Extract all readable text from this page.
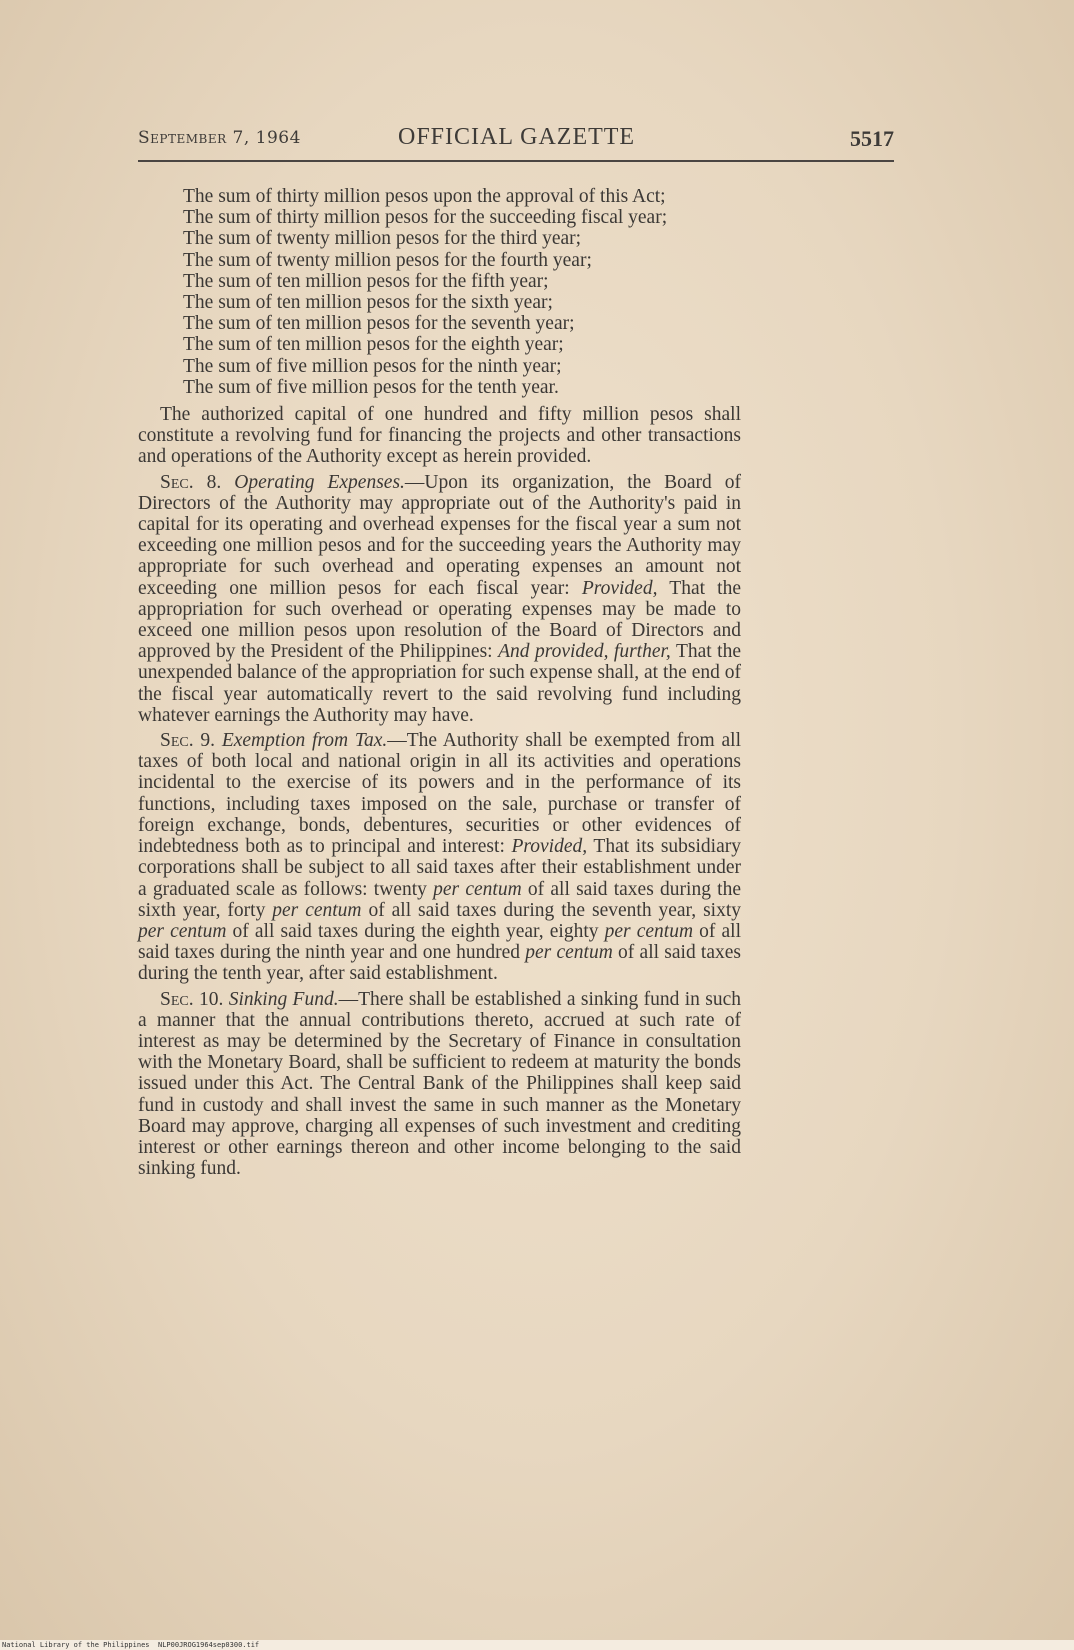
September 7, 1964	OFFICIAL GAZETTE	5517
The sum of thirty million pesos upon the approval of this Act;
The sum of thirty million pesos for the succeeding fiscal year;
The sum of twenty million pesos for the third year;
The sum of twenty million pesos for the fourth year;
The sum of ten million pesos for the fifth year;
The sum of ten million pesos for the sixth year;
The sum of ten million pesos for the seventh year;
The sum of ten million pesos for the eighth year;
The sum of five million pesos for the ninth year;
The sum of five million pesos for the tenth year.

The authorized capital of one hundred and fifty million pesos shall constitute a revolving fund for financing the projects and other transactions and operations of the Authority except as herein provided.

Sec. 8. Operating Expenses.—Upon its organization, the Board of Directors of the Authority may appropriate out of the Authority's paid in capital for its operating and overhead expenses for the fiscal year a sum not exceeding one million pesos and for the succeeding years the Authority may appropriate for such overhead and operating expenses an amount not exceeding one million pesos for each fiscal year: Provided, That the appropriation for such overhead or operating expenses may be made to exceed one million pesos upon resolution of the Board of Directors and approved by the President of the Philippines: And provided, further, That the unexpended balance of the appropriation for such expense shall, at the end of the fiscal year automatically revert to the said revolving fund including whatever earnings the Authority may have.

Sec. 9. Exemption from Tax.—The Authority shall be exempted from all taxes of both local and national origin in all its activities and operations incidental to the exercise of its powers and in the performance of its functions, including taxes imposed on the sale, purchase or transfer of foreign exchange, bonds, debentures, securities or other evidences of indebtedness both as to principal and interest: Provided, That its subsidiary corporations shall be subject to all said taxes after their establishment under a graduated scale as follows: twenty per centum of all said taxes during the sixth year, forty per centum of all said taxes during the seventh year, sixty per centum of all said taxes during the eighth year, eighty per centum of all said taxes during the ninth year and one hundred per centum of all said taxes during the tenth year, after said establishment.

Sec. 10. Sinking Fund.—There shall be established a sinking fund in such a manner that the annual contributions thereto, accrued at such rate of interest as may be determined by the Secretary of Finance in consultation with the Monetary Board, shall be sufficient to redeem at maturity the bonds issued under this Act. The Central Bank of the Philippines shall keep said fund in custody and shall invest the same in such manner as the Monetary Board may approve, charging all expenses of such investment and crediting interest or other earnings thereon and other income belonging to the said sinking fund.

National Library of the Philippines NLP00JROG1964sep0300.tif
